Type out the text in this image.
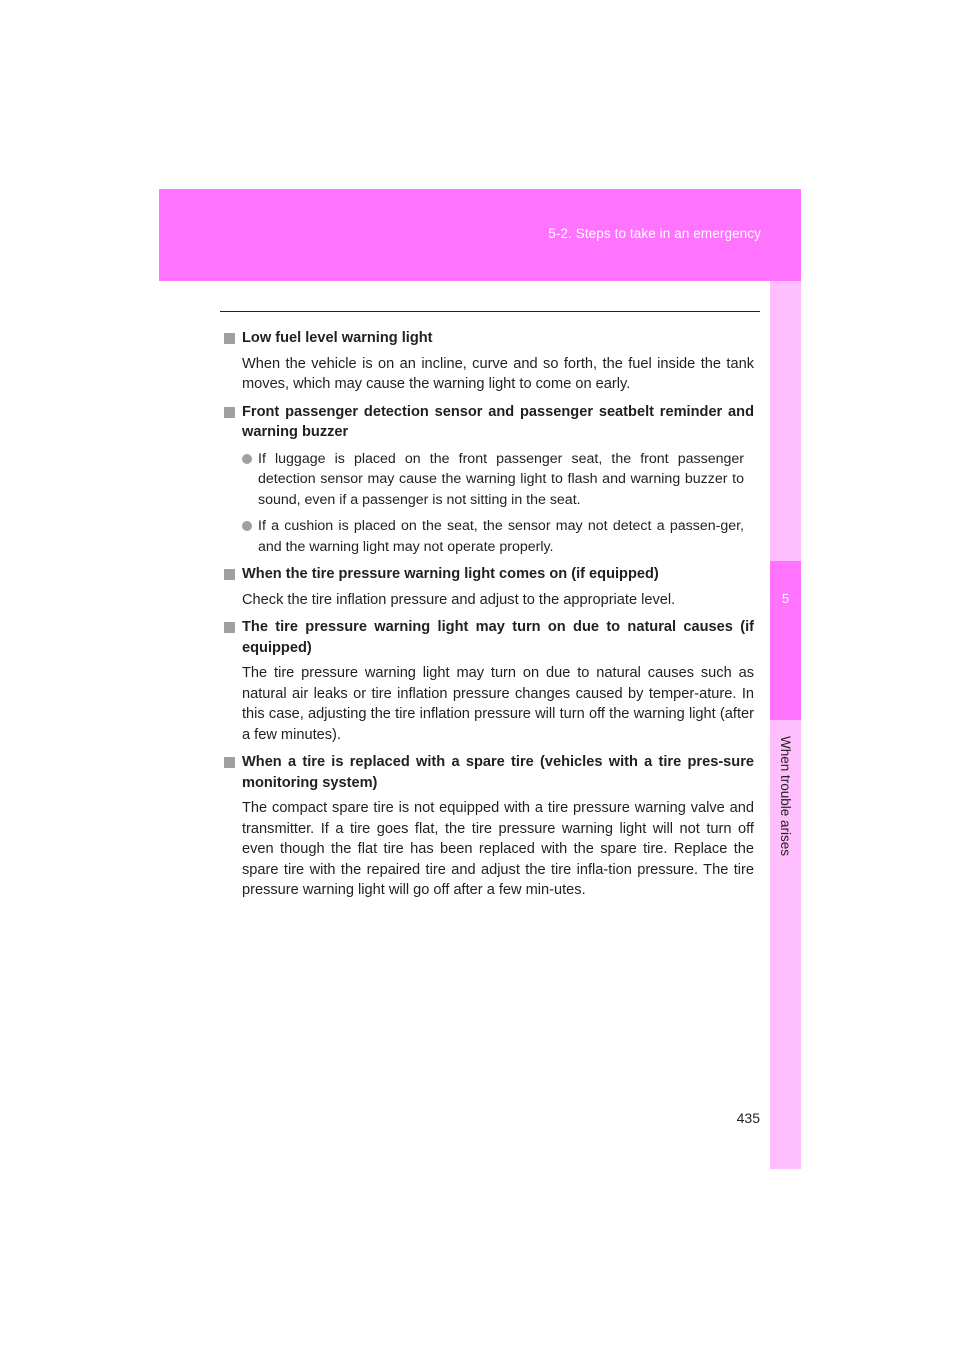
5-2. Steps to take in an emergency
5
When trouble arises
Low fuel level warning light
When the vehicle is on an incline, curve and so forth, the fuel inside the tank moves, which may cause the warning light to come on early.
Front passenger detection sensor and passenger seatbelt reminder and warning buzzer
If luggage is placed on the front passenger seat, the front passenger detection sensor may cause the warning light to flash and warning buzzer to sound, even if a passenger is not sitting in the seat.
If a cushion is placed on the seat, the sensor may not detect a passen-ger, and the warning light may not operate properly.
When the tire pressure warning light comes on (if equipped)
Check the tire inflation pressure and adjust to the appropriate level.
The tire pressure warning light may turn on due to natural causes (if equipped)
The tire pressure warning light may turn on due to natural causes such as natural air leaks or tire inflation pressure changes caused by temper-ature. In this case, adjusting the tire inflation pressure will turn off the warning light (after a few minutes).
When a tire is replaced with a spare tire (vehicles with a tire pres-sure monitoring system)
The compact spare tire is not equipped with a tire pressure warning valve and transmitter. If a tire goes flat, the tire pressure warning light will not turn off even though the flat tire has been replaced with the spare tire. Replace the spare tire with the repaired tire and adjust the tire infla-tion pressure. The tire pressure warning light will go off after a few min-utes.
435
